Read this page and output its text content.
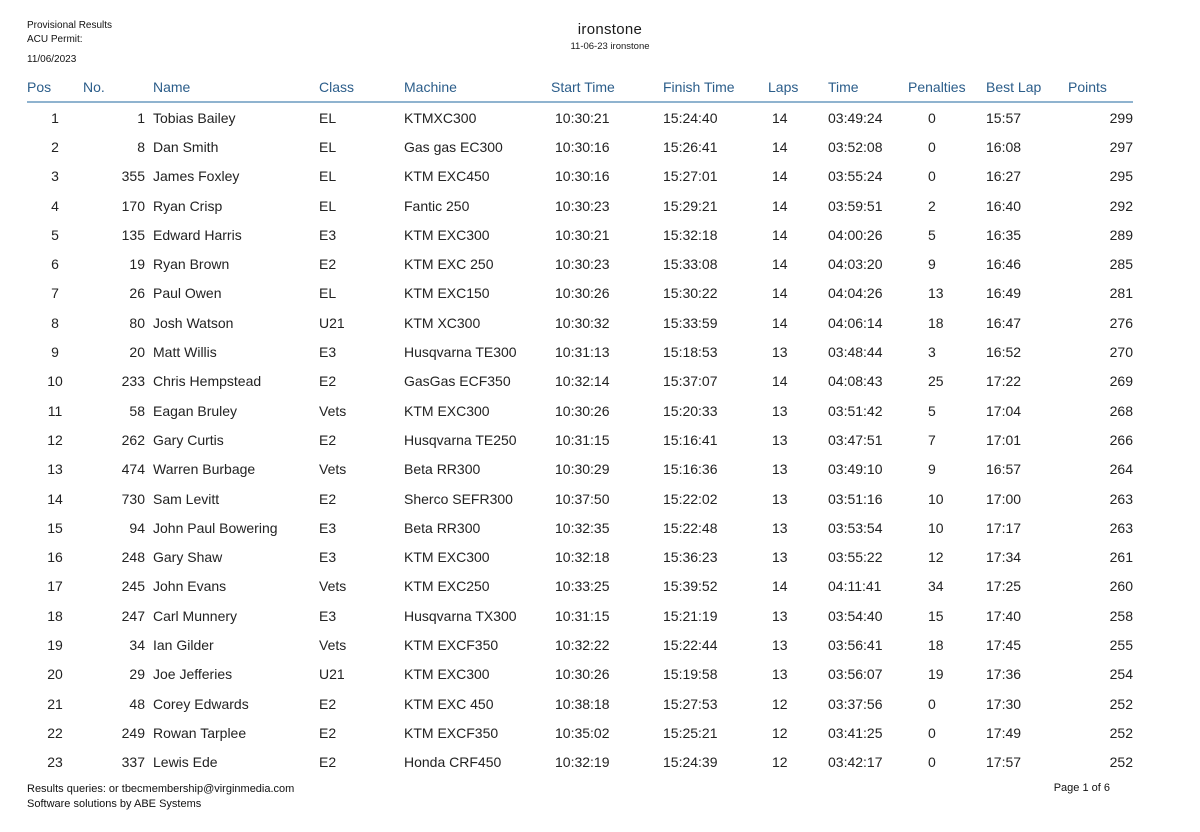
Provisional Results
ACU Permit:
11/06/2023
ironstone
11-06-23 ironstone
Pos	No.	Name	Class	Machine	Start Time	Finish Time	Laps	Time	Penalties	Best Lap	Points
1	1	Tobias Bailey	EL	KTMXC300	10:30:21	15:24:40	14	03:49:24	0	15:57	299
2	8	Dan Smith	EL	Gas gas EC300	10:30:16	15:26:41	14	03:52:08	0	16:08	297
3	355	James Foxley	EL	KTM EXC450	10:30:16	15:27:01	14	03:55:24	0	16:27	295
4	170	Ryan Crisp	EL	Fantic 250	10:30:23	15:29:21	14	03:59:51	2	16:40	292
5	135	Edward Harris	E3	KTM EXC300	10:30:21	15:32:18	14	04:00:26	5	16:35	289
6	19	Ryan Brown	E2	KTM EXC 250	10:30:23	15:33:08	14	04:03:20	9	16:46	285
7	26	Paul Owen	EL	KTM EXC150	10:30:26	15:30:22	14	04:04:26	13	16:49	281
8	80	Josh Watson	U21	KTM XC300	10:30:32	15:33:59	14	04:06:14	18	16:47	276
9	20	Matt Willis	E3	Husqvarna TE300	10:31:13	15:18:53	13	03:48:44	3	16:52	270
10	233	Chris Hempstead	E2	GasGas ECF350	10:32:14	15:37:07	14	04:08:43	25	17:22	269
11	58	Eagan Bruley	Vets	KTM EXC300	10:30:26	15:20:33	13	03:51:42	5	17:04	268
12	262	Gary Curtis	E2	Husqvarna TE250	10:31:15	15:16:41	13	03:47:51	7	17:01	266
13	474	Warren Burbage	Vets	Beta RR300	10:30:29	15:16:36	13	03:49:10	9	16:57	264
14	730	Sam Levitt	E2	Sherco SEFR300	10:37:50	15:22:02	13	03:51:16	10	17:00	263
15	94	John Paul Bowering	E3	Beta RR300	10:32:35	15:22:48	13	03:53:54	10	17:17	263
16	248	Gary Shaw	E3	KTM EXC300	10:32:18	15:36:23	13	03:55:22	12	17:34	261
17	245	John Evans	Vets	KTM EXC250	10:33:25	15:39:52	14	04:11:41	34	17:25	260
18	247	Carl Munnery	E3	Husqvarna TX300	10:31:15	15:21:19	13	03:54:40	15	17:40	258
19	34	Ian Gilder	Vets	KTM EXCF350	10:32:22	15:22:44	13	03:56:41	18	17:45	255
20	29	Joe Jefferies	U21	KTM EXC300	10:30:26	15:19:58	13	03:56:07	19	17:36	254
21	48	Corey Edwards	E2	KTM EXC 450	10:38:18	15:27:53	12	03:37:56	0	17:30	252
22	249	Rowan Tarplee	E2	KTM EXCF350	10:35:02	15:25:21	12	03:41:25	0	17:49	252
23	337	Lewis Ede	E2	Honda CRF450	10:32:19	15:24:39	12	03:42:17	0	17:57	252
Results queries: or tbecmembership@virginmedia.com
Software solutions by ABE Systems
Page 1 of 6
